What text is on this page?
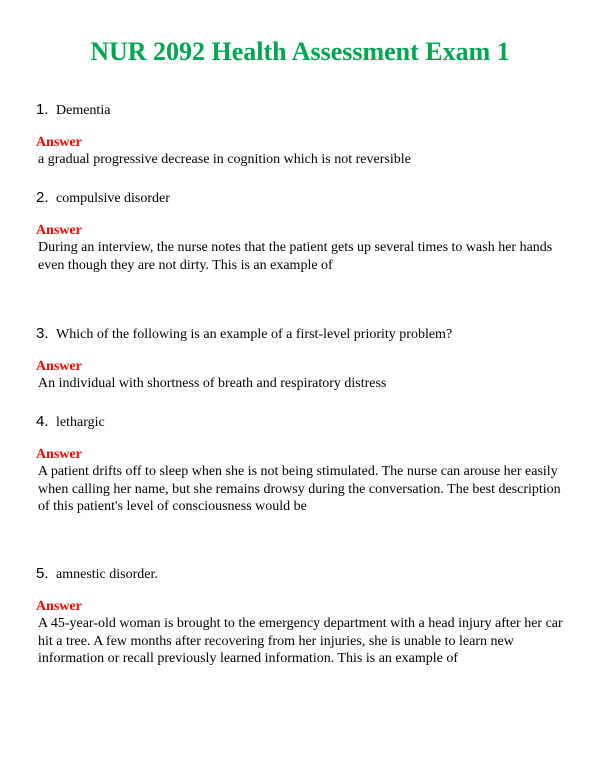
NUR 2092 Health Assessment Exam 1
1. Dementia
Answer
a gradual progressive decrease in cognition which is not reversible
2. compulsive disorder
Answer
During an interview, the nurse notes that the patient gets up several times to wash her hands even though they are not dirty. This is an example of
3. Which of the following is an example of a first-level priority problem?
Answer
An individual with shortness of breath and respiratory distress
4. lethargic
Answer
A patient drifts off to sleep when she is not being stimulated. The nurse can arouse her easily when calling her name, but she remains drowsy during the conversation. The best description of this patient's level of consciousness would be
5. amnestic disorder.
Answer
A 45-year-old woman is brought to the emergency department with a head injury after her car hit a tree. A few months after recovering from her injuries, she is unable to learn new information or recall previously learned information. This is an example of
